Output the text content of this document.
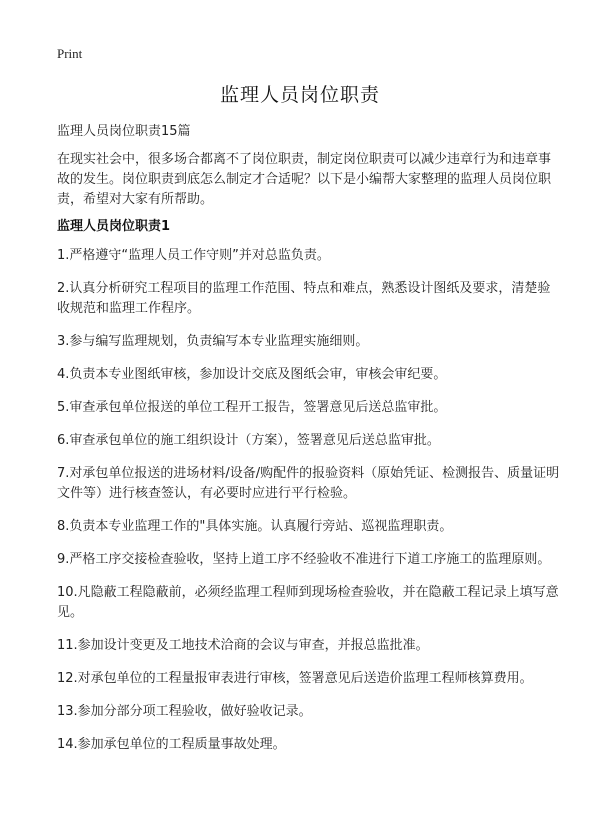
Print
监理人员岗位职责
监理人员岗位职责15篇

在现实社会中，很多场合都离不了岗位职责，制定岗位职责可以减少违章行为和违章事故的发生。岗位职责到底怎么制定才合适呢？以下是小编帮大家整理的监理人员岗位职责，希望对大家有所帮助。

监理人员岗位职责1
1.严格遵守“监理人员工作守则”并对总监负责。
2.认真分析研究工程项目的监理工作范围、特点和难点，熟悉设计图纸及要求，清楚验收规范和监理工作程序。
3.参与编写监理规划，负责编写本专业监理实施细则。
4.负责本专业图纸审核，参加设计交底及图纸会审，审核会审纪要。
5.审查承包单位报送的单位工程开工报告，签署意见后送总监审批。
6.审查承包单位的施工组织设计（方案），签署意见后送总监审批。
7.对承包单位报送的进场材料/设备/购配件的报验资料（原始凭证、检测报告、质量证明文件等）进行核查签认，有必要时应进行平行检验。
8.负责本专业监理工作的"具体实施。认真履行旁站、巡视监理职责。
9.严格工序交接检查验收，坚持上道工序不经验收不准进行下道工序施工的监理原则。
10.凡隐蔽工程隐蔽前，必须经监理工程师到现场检查验收，并在隐蔽工程记录上填写意见。
11.参加设计变更及工地技术洽商的会议与审查，并报总监批准。
12.对承包单位的工程量报审表进行审核，签署意见后送造价监理工程师核算费用。
13.参加分部分项工程验收，做好验收记录。
14.参加承包单位的工程质量事故处理。
